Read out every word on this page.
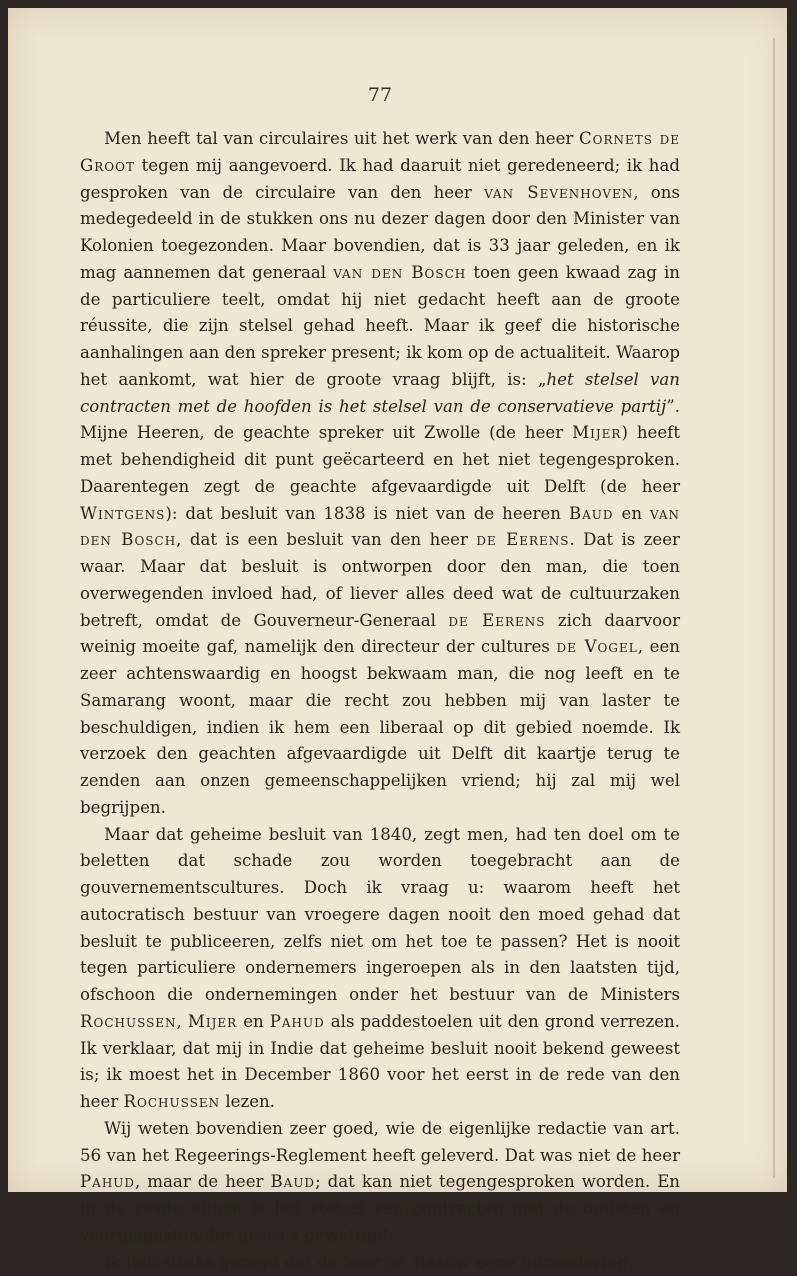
77

Men heeft tal van circulaires uit het werk van den heer Cornets de Groot tegen mij aangevoerd. Ik had daaruit niet geredeneerd; ik had gesproken van de circulaire van den heer van Sevenhoven, ons medegedeeld in de stukken ons nu dezer dagen door den Minister van Kolonien toegezonden. Maar bovendien, dat is 33 jaar geleden, en ik mag aannemen dat generaal van den Bosch toen geen kwaad zag in de particuliere teelt, omdat hij niet gedacht heeft aan de groote réussite, die zijn stelsel gehad heeft. Maar ik geef die historische aanhalingen aan den spreker present; ik kom op de actualiteit. Waarop het aankomt, wat hier de groote vraag blijft, is: „het stelsel van contracten met de hoofden is het stelsel van de conservatieve partij”. Mijne Heeren, de geachte spreker uit Zwolle (de heer Mijer) heeft met behendigheid dit punt geëcarteerd en het niet tegengesproken. Daarentegen zegt de geachte afgevaardigde uit Delft (de heer Wintgens): dat besluit van 1838 is niet van de heeren Baud en van den Bosch, dat is een besluit van den heer de Eerens. Dat is zeer waar. Maar dat besluit is ontworpen door den man, die toen overwegenden invloed had, of liever alles deed wat de cultuurzaken betreft, omdat de Gouverneur-Generaal de Eerens zich daarvoor weinig moeite gaf, namelijk den directeur der cultures de Vogel, een zeer achtenswaardig en hoogst bekwaam man, die nog leeft en te Samarang woont, maar die recht zou hebben mij van laster te beschuldigen, indien ik hem een liberaal op dit gebied noemde. Ik verzoek den geachten afgevaardigde uit Delft dit kaartje terug te zenden aan onzen gemeenschappelijken vriend; hij zal mij wel begrijpen.

Maar dat geheime besluit van 1840, zegt men, had ten doel om te beletten dat schade zou worden toegebracht aan de gouvernementscultures. Doch ik vraag u: waarom heeft het autocratisch bestuur van vroegere dagen nooit den moed gehad dat besluit te publiceeren, zelfs niet om het toe te passen? Het is nooit tegen particuliere ondernemers ingeroepen als in den laatsten tijd, ofschoon die ondernemingen onder het bestuur van de Ministers Rochussen, Mijer en Pahud als paddestoelen uit den grond verrezen. Ik verklaar, dat mij in Indie dat geheime besluit nooit bekend geweest is; ik moest het in December 1860 voor het eerst in de rede van den heer Rochussen lezen.

Wij weten bovendien zeer goed, wie de eigenlijke redactie van art. 56 van het Regeerings-Reglement heeft geleverd. Dat was niet de heer Pahud, maar de heer Baud; dat kan niet tegengesproken worden. En in de zesde alinea is het stelsel van contracten met de oudsten en voornaamsten der dessa's gewettigd.

Ik heb straks gezegd dat de heer de Brauw eene uitzondering
